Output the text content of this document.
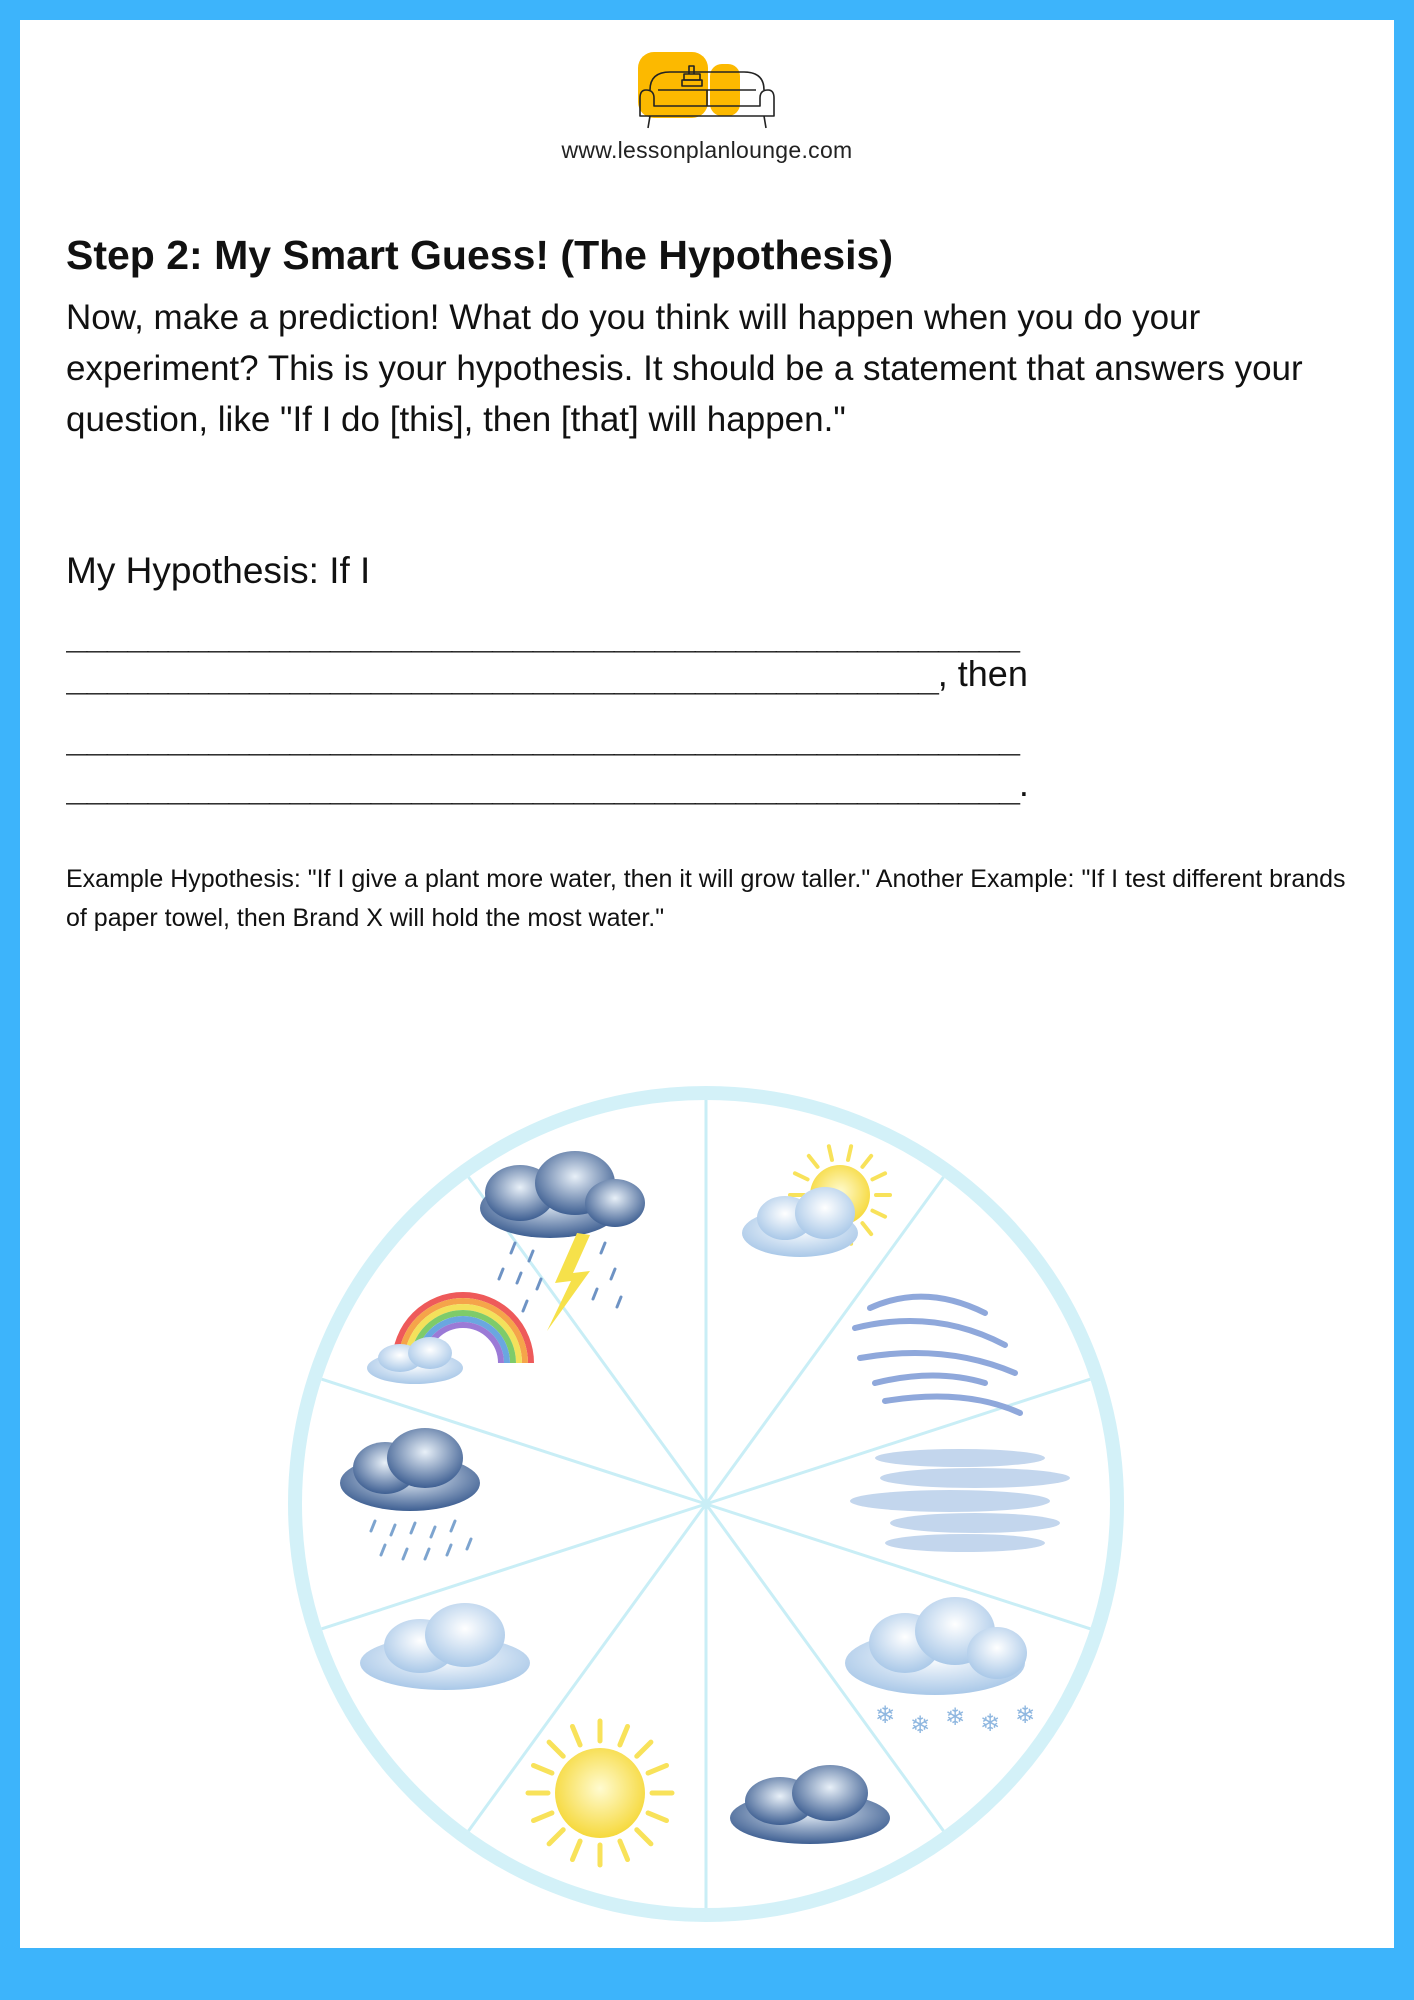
www.lessonplanlounge.com
Step 2: My Smart Guess! (The Hypothesis)

Now, make a prediction! What do you think will happen when you do your experiment? This is your hypothesis. It should be a statement that answers your question, like "If I do [this], then [that] will happen."

My Hypothesis: If I

_______________________________________________

___________________________________________, then

_______________________________________________

_______________________________________________.

Example Hypothesis: "If I give a plant more water, then it will grow taller." Another Example: "If I test different brands of paper towel, then Brand X will hold the most water."

❄ ❄ ❄ ❄ ❄
